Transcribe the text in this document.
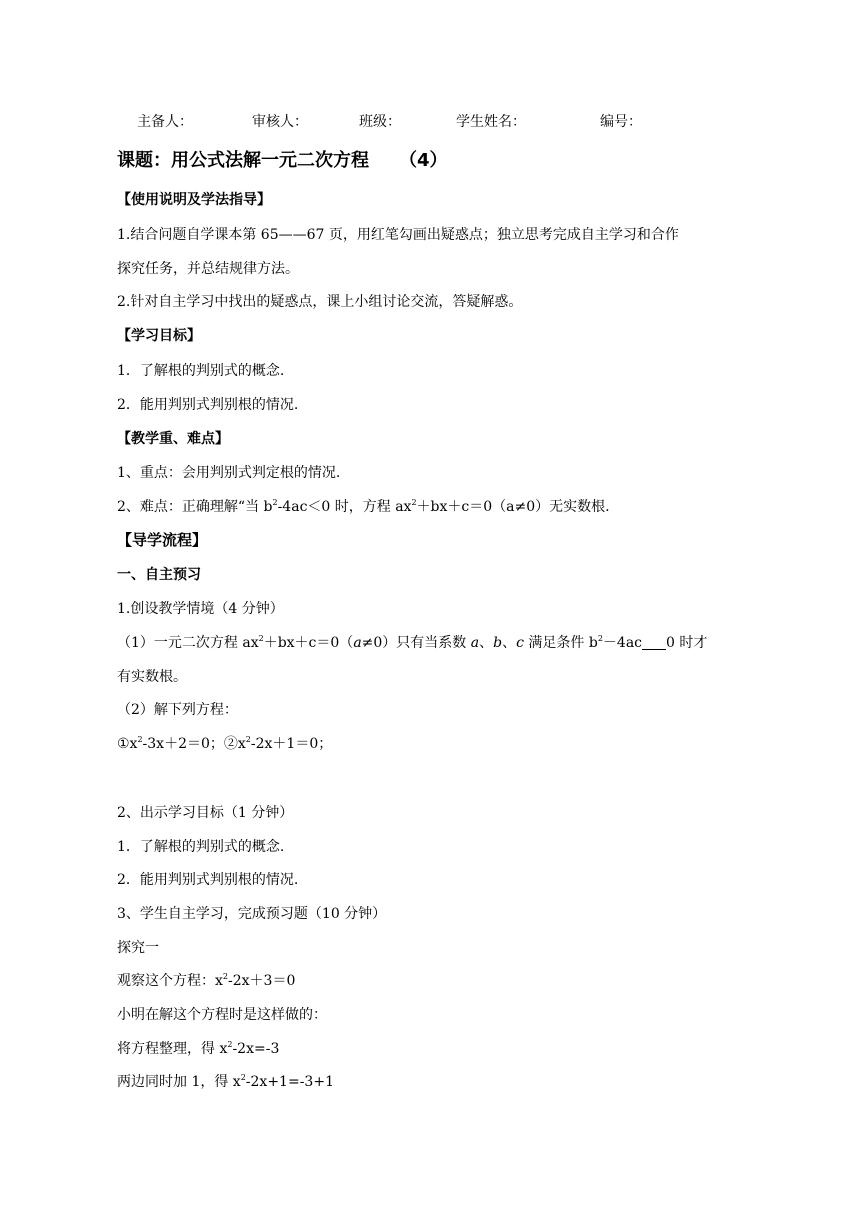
主备人：	审核人：	班级：	学生姓名：	编号：
课题：用公式法解一元二次方程 （4）
【使用说明及学法指导】
1.结合问题自学课本第 65——67 页，用红笔勾画出疑惑点；独立思考完成自主学习和合作
探究任务，并总结规律方法。
2.针对自主学习中找出的疑惑点，课上小组讨论交流，答疑解惑。
【学习目标】
1．了解根的判别式的概念.
2．能用判别式判别根的情况.
【教学重、难点】
1、重点：会用判别式判定根的情况.
2、难点：正确理解“当 $b^2-4ac<0$ 时，方程 $ax^2+bx+c=0(a\ne 0)$无实数根.
【导学流程】
一、自主预习
1.创设教学情境（4 分钟）
（1）一元二次方程 $ax^2+bx+c=0(a\ne 0)$只有当系数 a、b、c 满足条件 $b^2-4ac$ 0 时才
有实数根。
（2）解下列方程：
$①x^2-3x+2=0$；$②x^2-2x+1=0$；
2、出示学习目标（1 分钟）
1．了解根的判别式的概念.
2．能用判别式判别根的情况.
3、学生自主学习，完成预习题（10 分钟）
探究一
观察这个方程：$x^2-2x+3=0$
小明在解这个方程时是这样做的：
将方程整理，得 $x^2-2x=-3$
两边同时加 1，得 $x^2-2x+1=-3+1$
